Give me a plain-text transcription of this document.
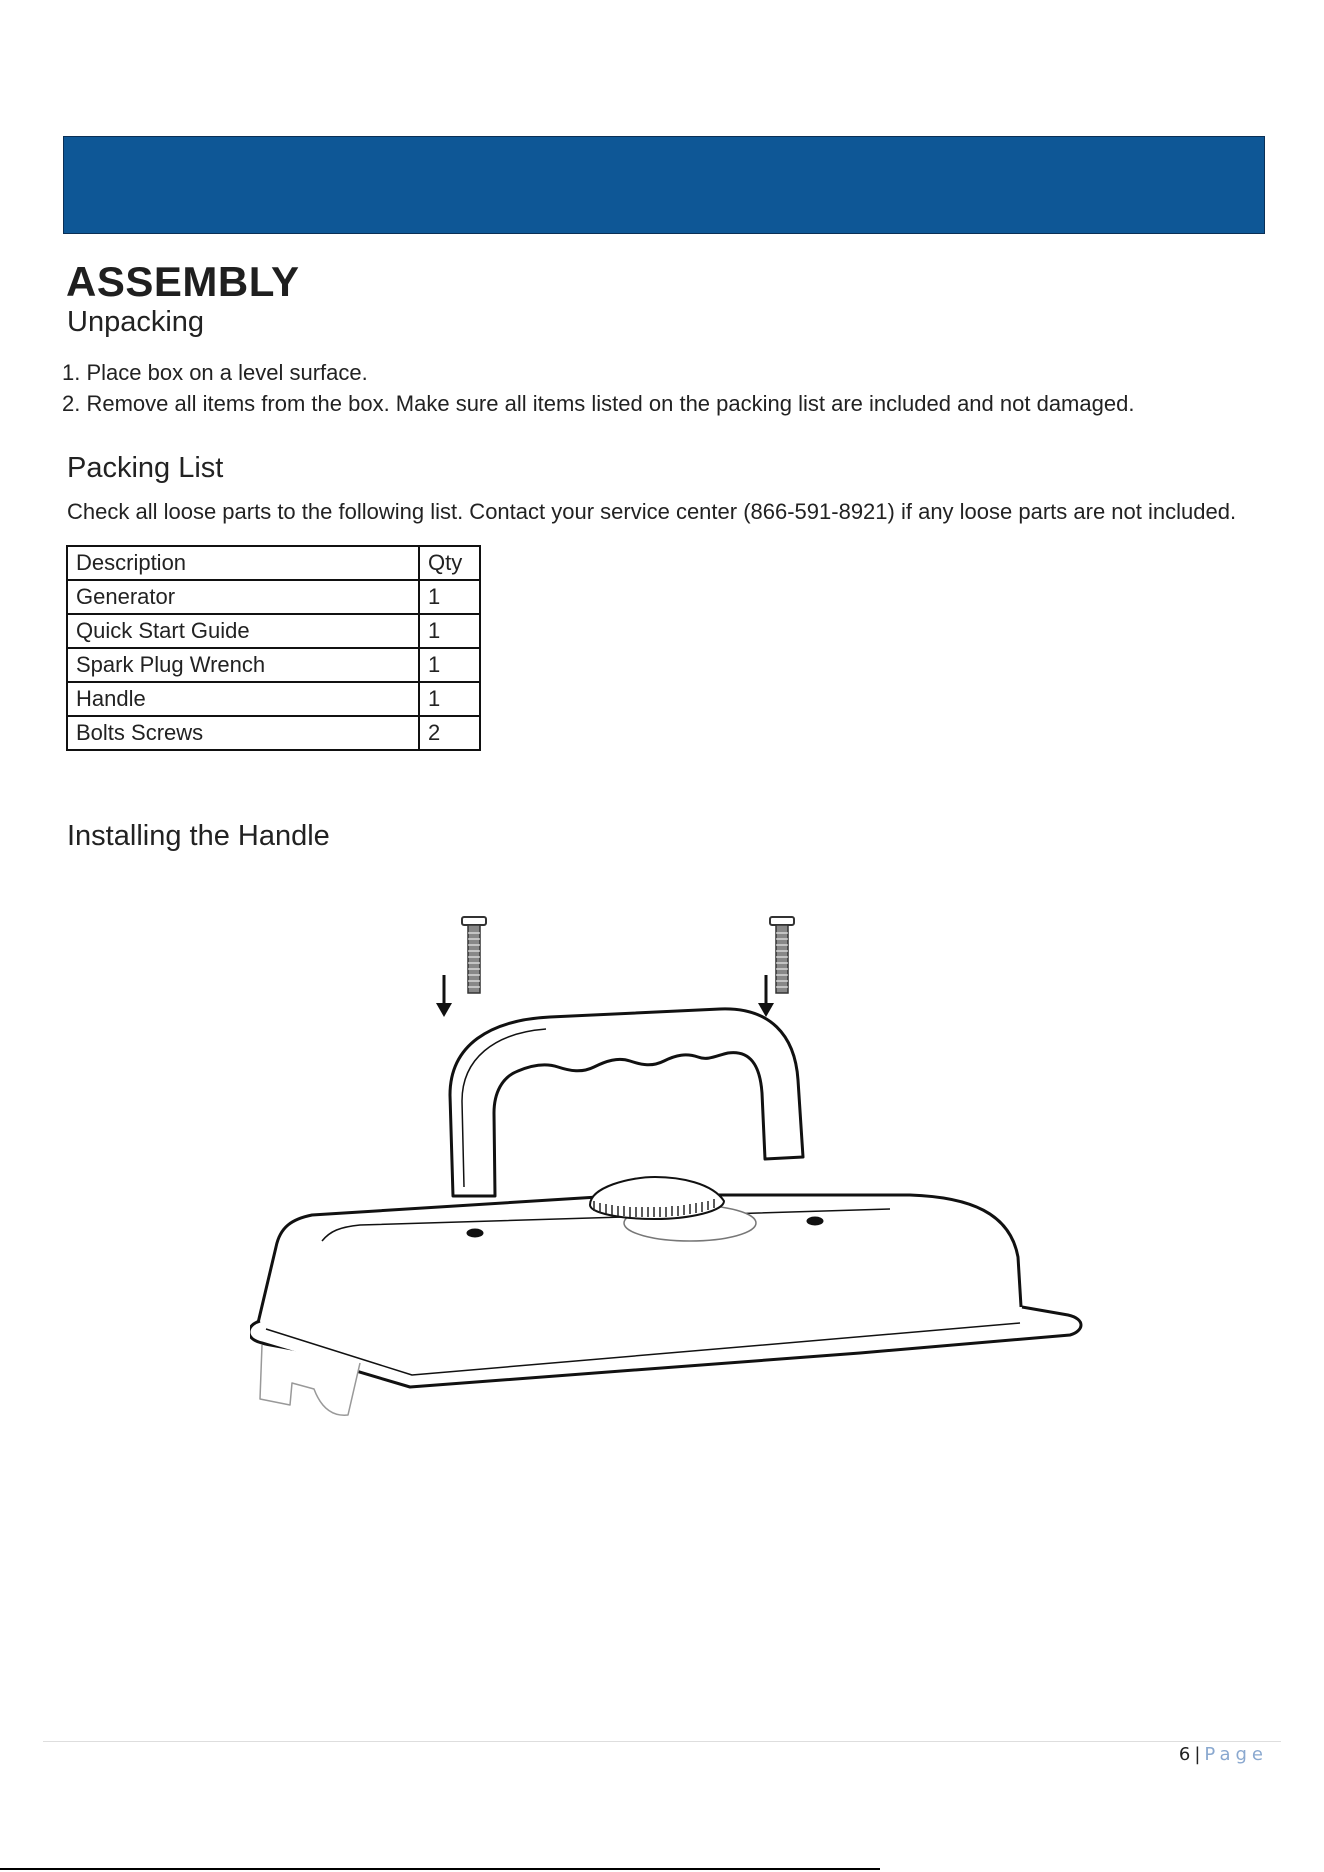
ASSEMBLY
Unpacking

1. Place box on a level surface.

2. Remove all items from the box. Make sure all items listed on the packing list are included and not damaged.

Packing List

Check all loose parts to the following list. Contact your service center (866-591-8921) if any loose parts are not included.

Description	Qty
Generator	1
Quick Start Guide	1
Spark Plug Wrench	1
Handle	1
Bolts Screws	2
Installing the Handle
6 | Page
